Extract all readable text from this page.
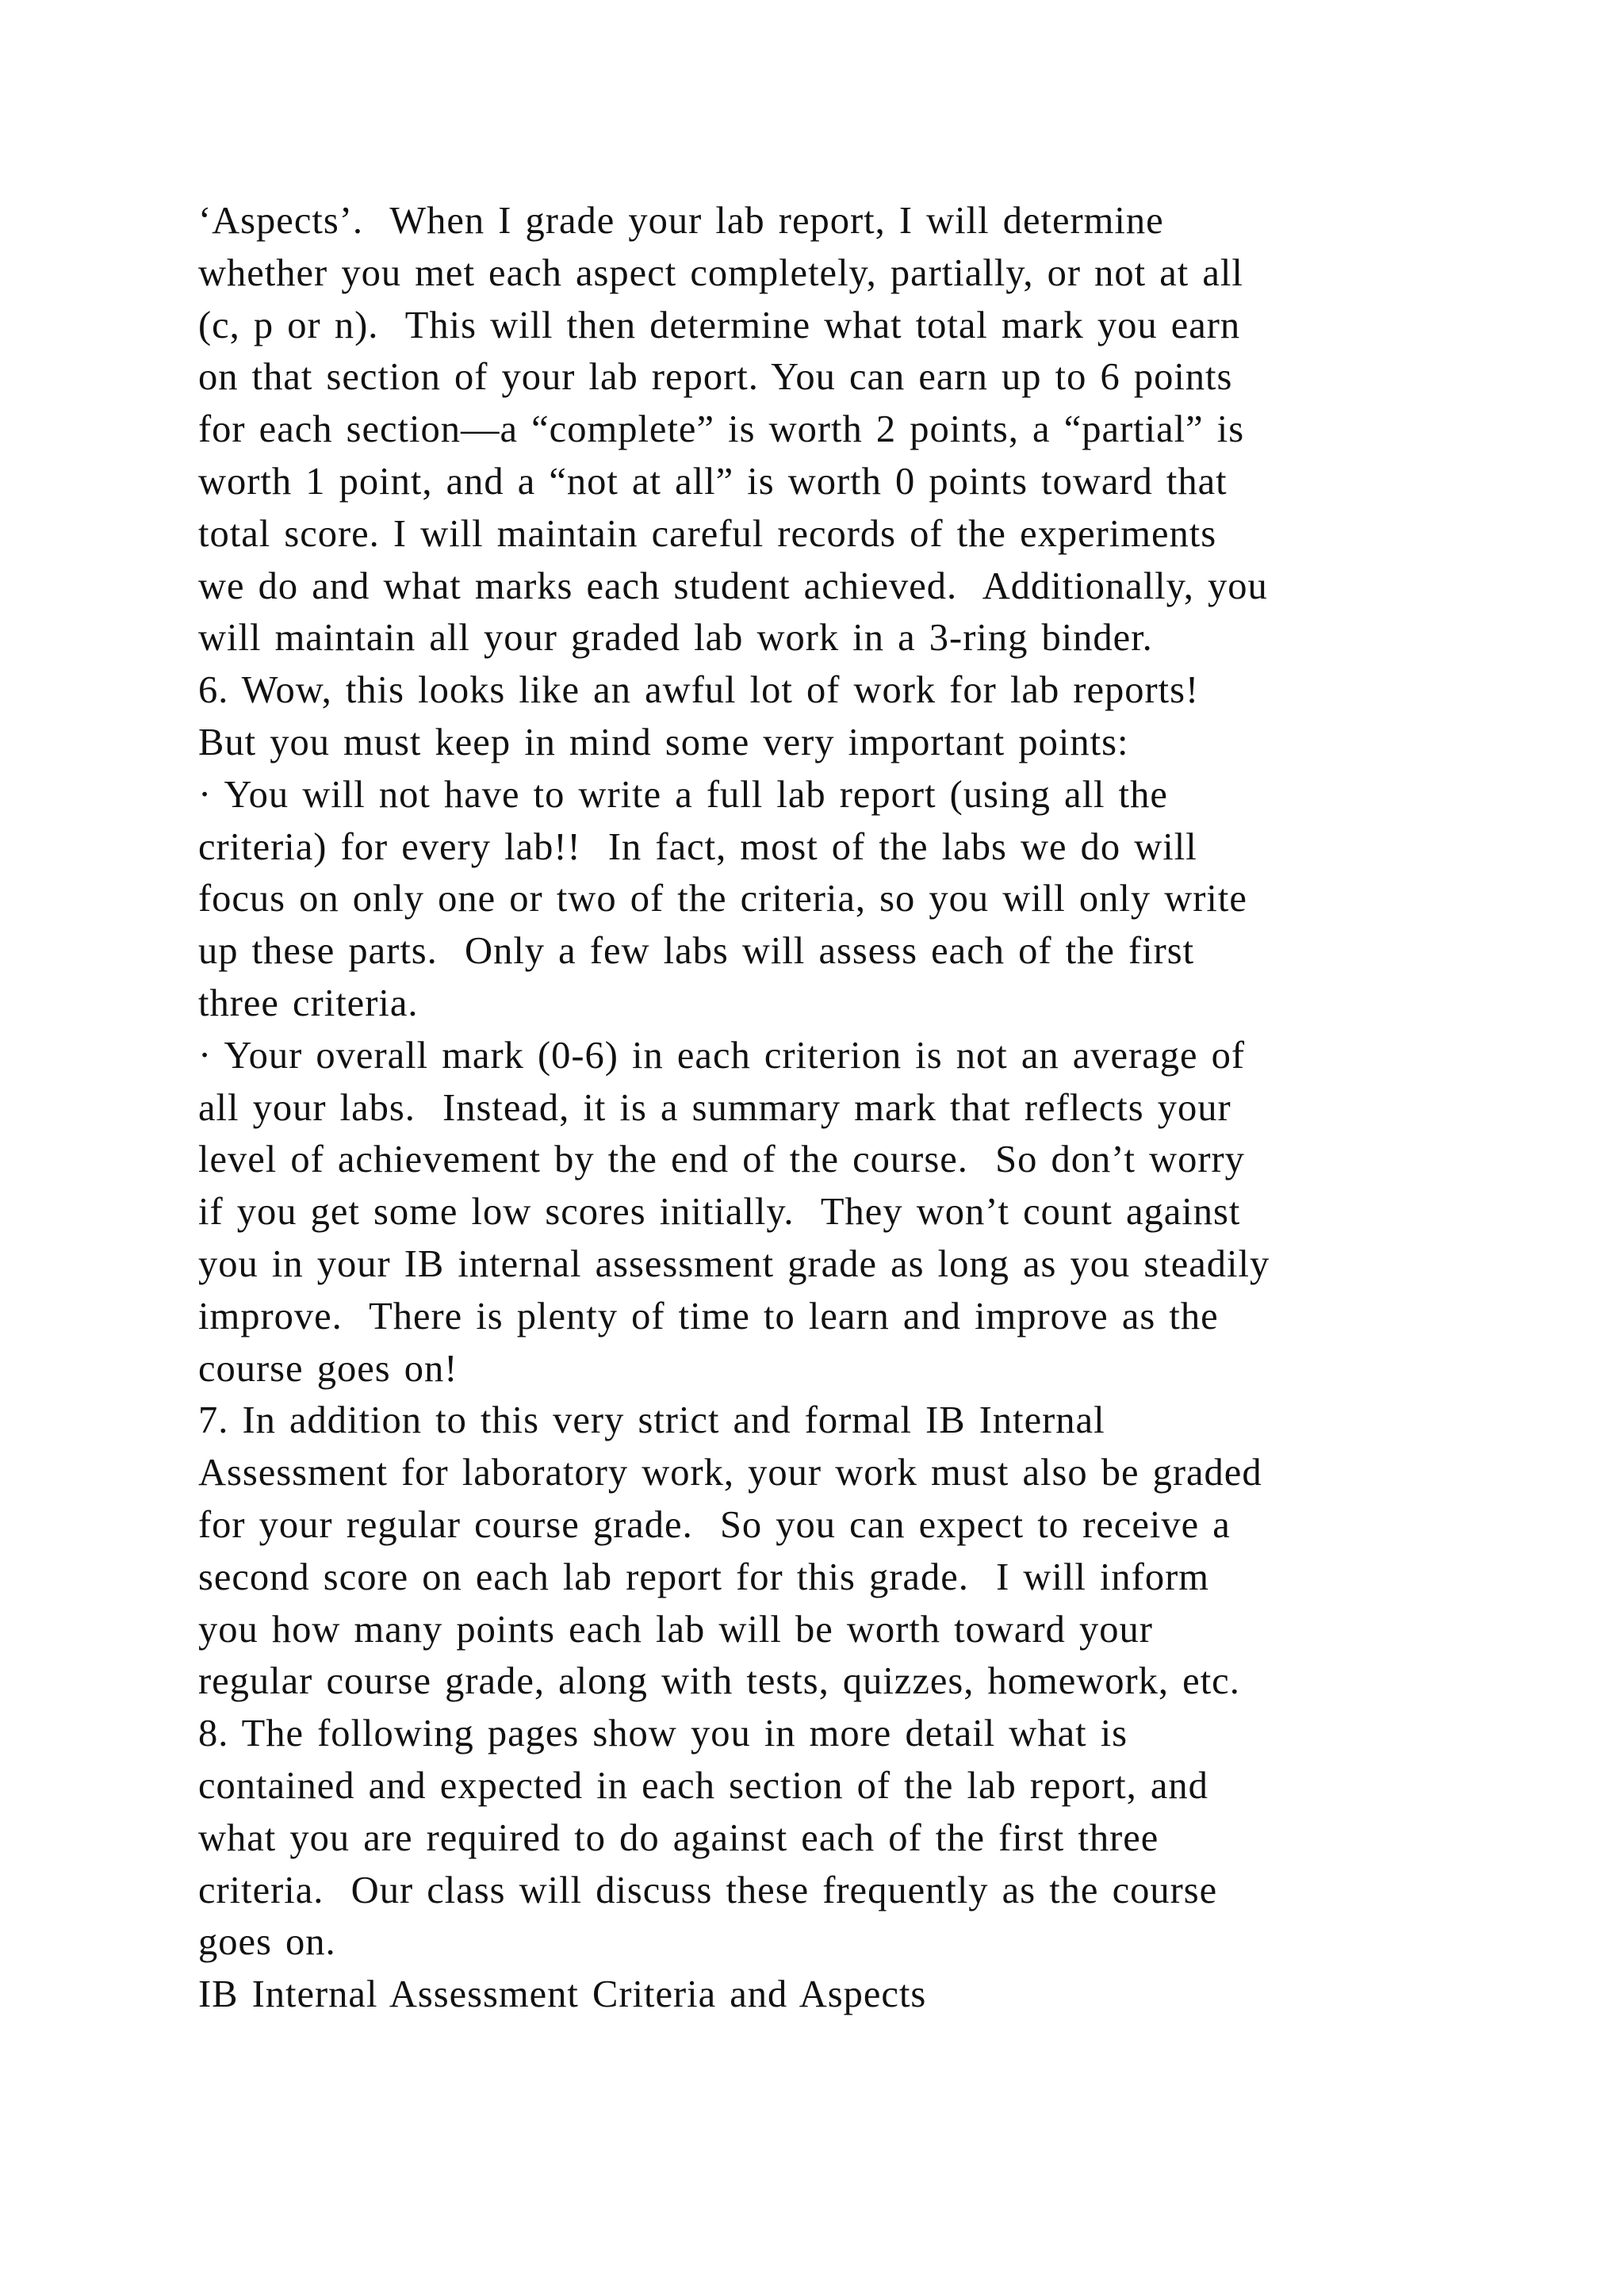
‘Aspects’.  When I grade your lab report, I will determine
whether you met each aspect completely, partially, or not at all
(c, p or n).  This will then determine what total mark you earn
on that section of your lab report. You can earn up to 6 points
for each section—a “complete” is worth 2 points, a “partial” is
worth 1 point, and a “not at all” is worth 0 points toward that
total score. I will maintain careful records of the experiments
we do and what marks each student achieved.  Additionally, you
will maintain all your graded lab work in a 3-ring binder.
6. Wow, this looks like an awful lot of work for lab reports!
But you must keep in mind some very important points:
· You will not have to write a full lab report (using all the
criteria) for every lab!!  In fact, most of the labs we do will
focus on only one or two of the criteria, so you will only write
up these parts.  Only a few labs will assess each of the first
three criteria.
· Your overall mark (0-6) in each criterion is not an average of
all your labs.  Instead, it is a summary mark that reflects your
level of achievement by the end of the course.  So don’t worry
if you get some low scores initially.  They won’t count against
you in your IB internal assessment grade as long as you steadily
improve.  There is plenty of time to learn and improve as the
course goes on!
7. In addition to this very strict and formal IB Internal
Assessment for laboratory work, your work must also be graded
for your regular course grade.  So you can expect to receive a
second score on each lab report for this grade.  I will inform
you how many points each lab will be worth toward your
regular course grade, along with tests, quizzes, homework, etc.
8. The following pages show you in more detail what is
contained and expected in each section of the lab report, and
what you are required to do against each of the first three
criteria.  Our class will discuss these frequently as the course
goes on.
IB Internal Assessment Criteria and Aspects
